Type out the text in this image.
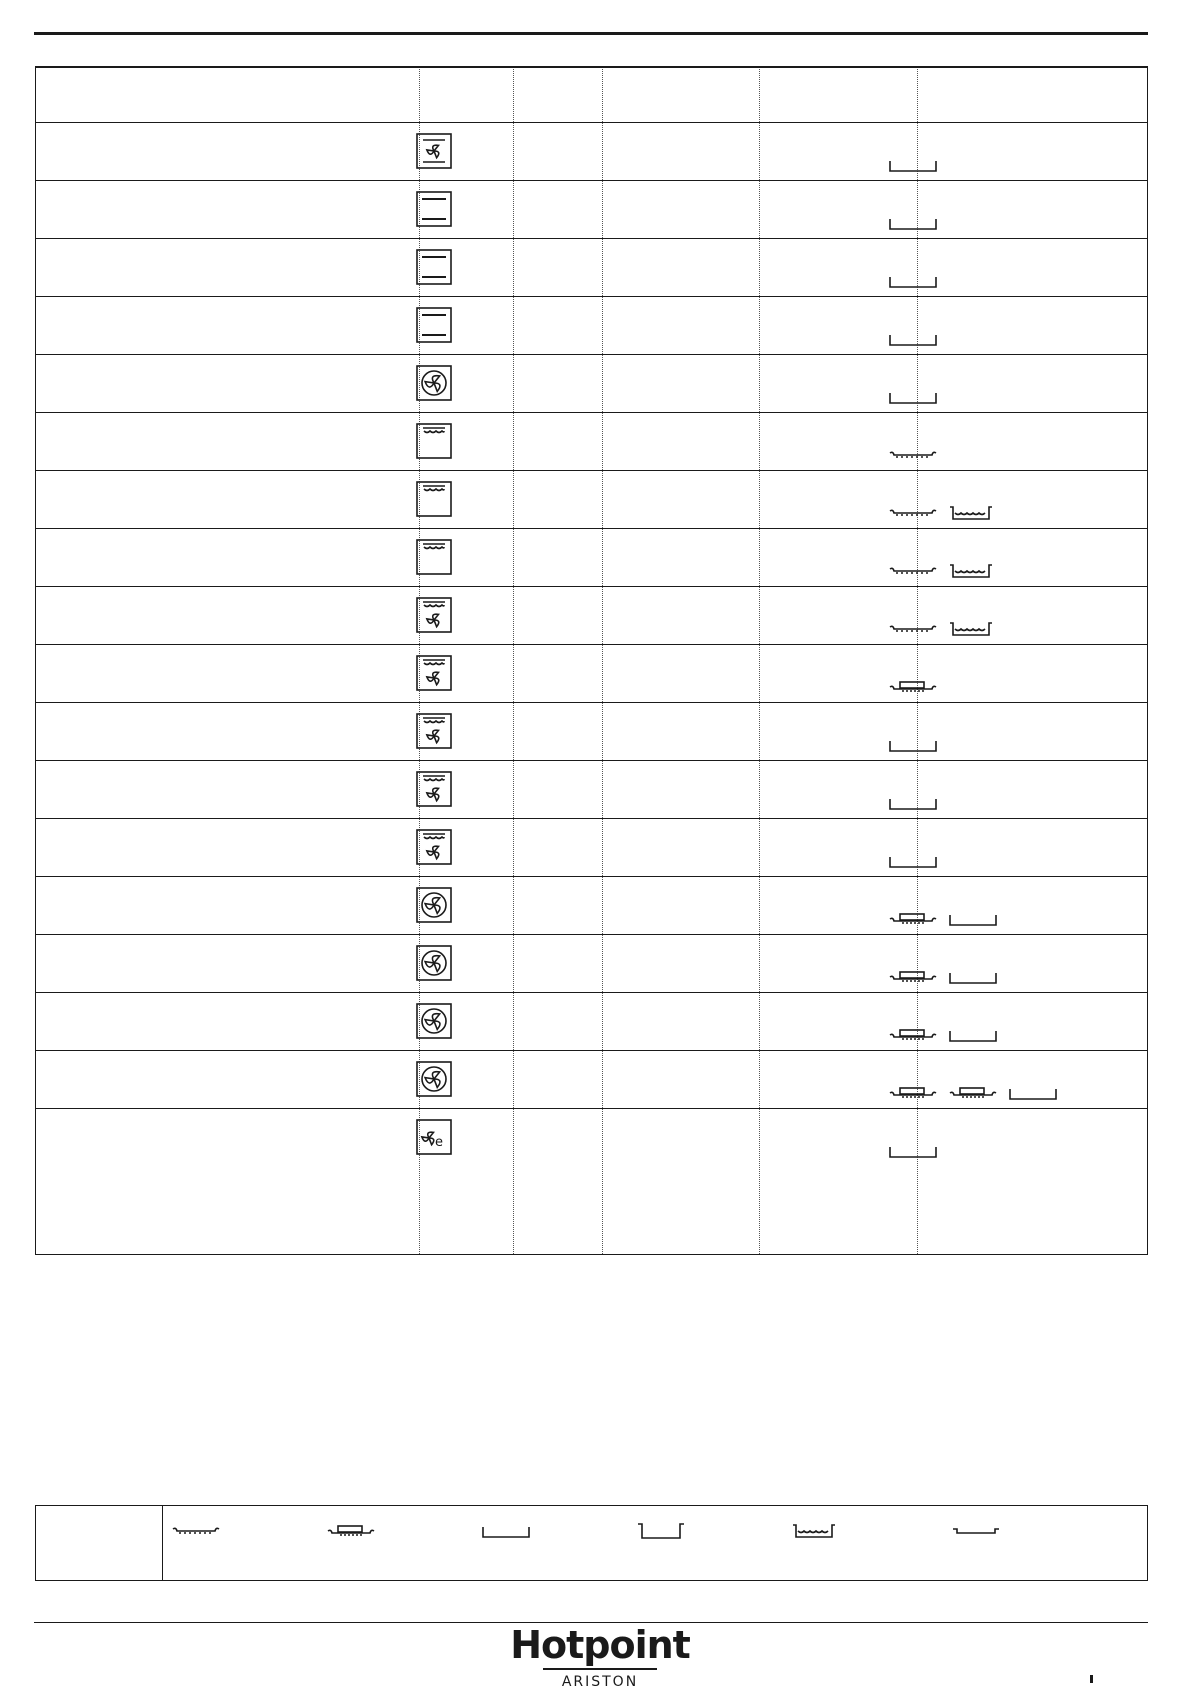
e
Hotpoint
ARISTON
